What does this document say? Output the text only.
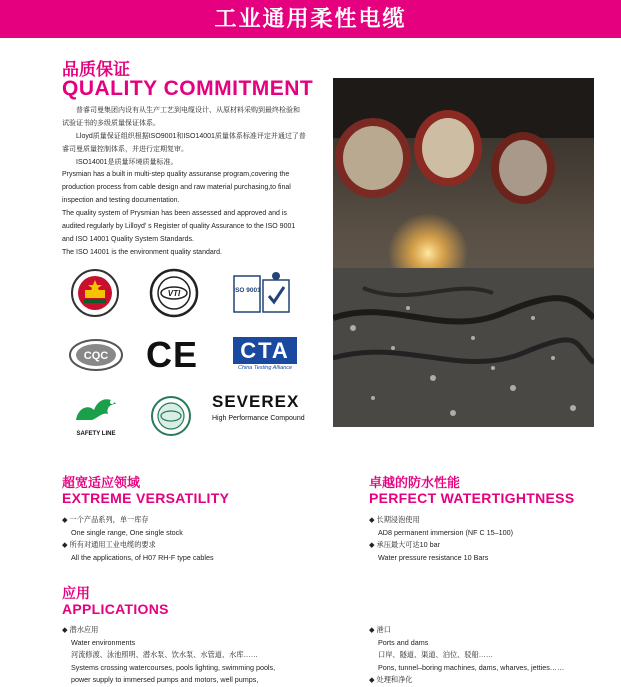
工业通用柔性电缆
品质保证
QUALITY COMMITMENT
普睿司曼集团内设有从生产工艺到电缆设计、从原材料采购到最终检验和
试验证书的多级质量保证体系。
Lloyd质量保证组织根据ISO9001和ISO14001质量体系标准评定并通过了普
睿司曼质量控制体系，并进行定期复审。
ISO14001是质量环境质量标准。
Prysmian has a built in multi-step quality assuranse program,covering the
production process from cable design and raw material purchasing,to final
inspection and testing documentation.
The quality system of Prysmian has been assessed and approved and is
audited regularly by Lilloyd' s Register of quality Assurance to the ISO 9001
and ISO 14001 Quality System Standards.
The ISO 14001 is the environment quality standard.
VTI	ISO 9001
CQC CE	CTA
China Testing Alliance
SAFETY LINE
SEVEREX
High Performance Compound
超宽适应领域
EXTREME VERSATILITY
◆ 一个产品系列，单一库存
One single range, One single stock
◆ 所有对通用工业电缆的要求
All the applications, of H07 RH-F type cables
卓越的防水性能
PERFECT WATERTIGHTNESS
◆ 长期浸泡使用
AD8 permanent immersion (NF C 15–100)
◆ 承压最大可达10 bar
Water pressure resistance 10 Bars
应用
APPLICATIONS
◆ 潜水应用
Water environments
河流修渡、泳池照明、潜水泵、饮水泵、水管道、水库……
Systems crossing watercourses, pools lighting, swimming pools,
power supply to immersed pumps and motors, well pumps,
◆ 港口
Ports and dams
口岸、隧道、渠道、泊位、驳船……
Pons, tunnel–boring machines, dams, wharves, jetties……
◆ 处理和净化
